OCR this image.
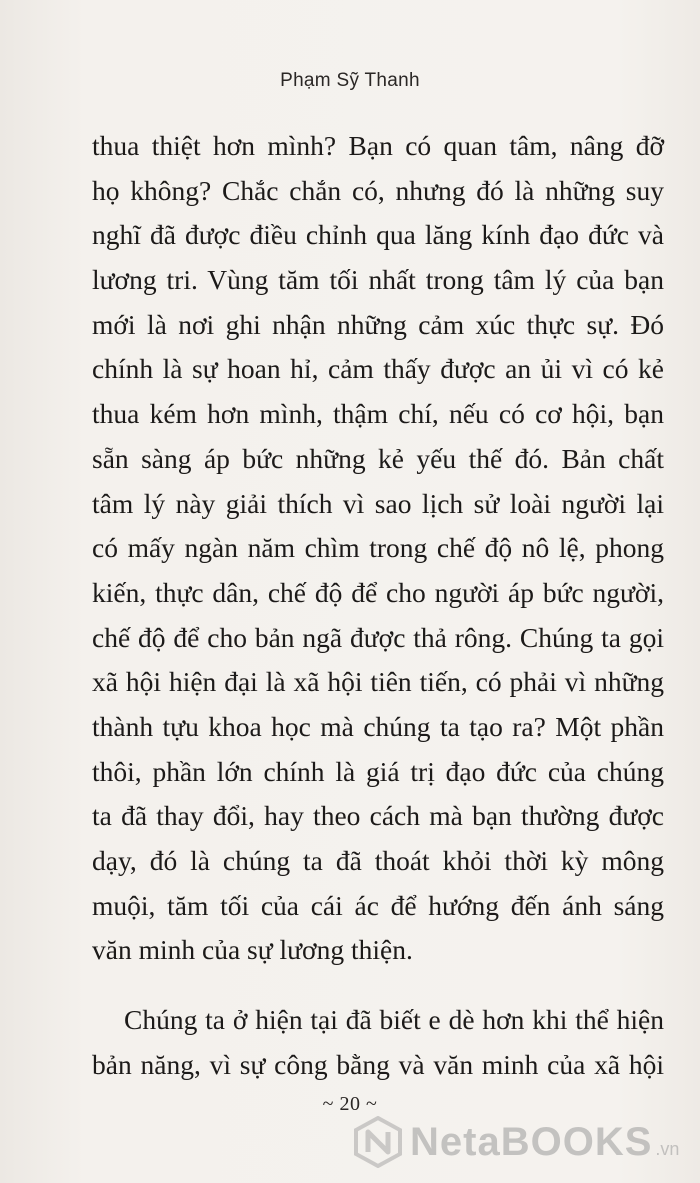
Phạm Sỹ Thanh
thua thiệt hơn mình? Bạn có quan tâm, nâng đỡ
họ không? Chắc chắn có, nhưng đó là những suy
nghĩ đã được điều chỉnh qua lăng kính đạo đức và
lương tri. Vùng tăm tối nhất trong tâm lý của bạn
mới là nơi ghi nhận những cảm xúc thực sự. Đó
chính là sự hoan hỉ, cảm thấy được an ủi vì có kẻ
thua kém hơn mình, thậm chí, nếu có cơ hội, bạn
sẵn sàng áp bức những kẻ yếu thế đó. Bản chất
tâm lý này giải thích vì sao lịch sử loài người lại
có mấy ngàn năm chìm trong chế độ nô lệ, phong
kiến, thực dân, chế độ để cho người áp bức người,
chế độ để cho bản ngã được thả rông. Chúng ta gọi
xã hội hiện đại là xã hội tiên tiến, có phải vì những
thành tựu khoa học mà chúng ta tạo ra? Một phần
thôi, phần lớn chính là giá trị đạo đức của chúng
ta đã thay đổi, hay theo cách mà bạn thường được
dạy, đó là chúng ta đã thoát khỏi thời kỳ mông
muội, tăm tối của cái ác để hướng đến ánh sáng
văn minh của sự lương thiện.
Chúng ta ở hiện tại đã biết e dè hơn khi thể hiện
bản năng, vì sự công bằng và văn minh của xã hội
~ 20 ~
NetaBOOKS .vn
